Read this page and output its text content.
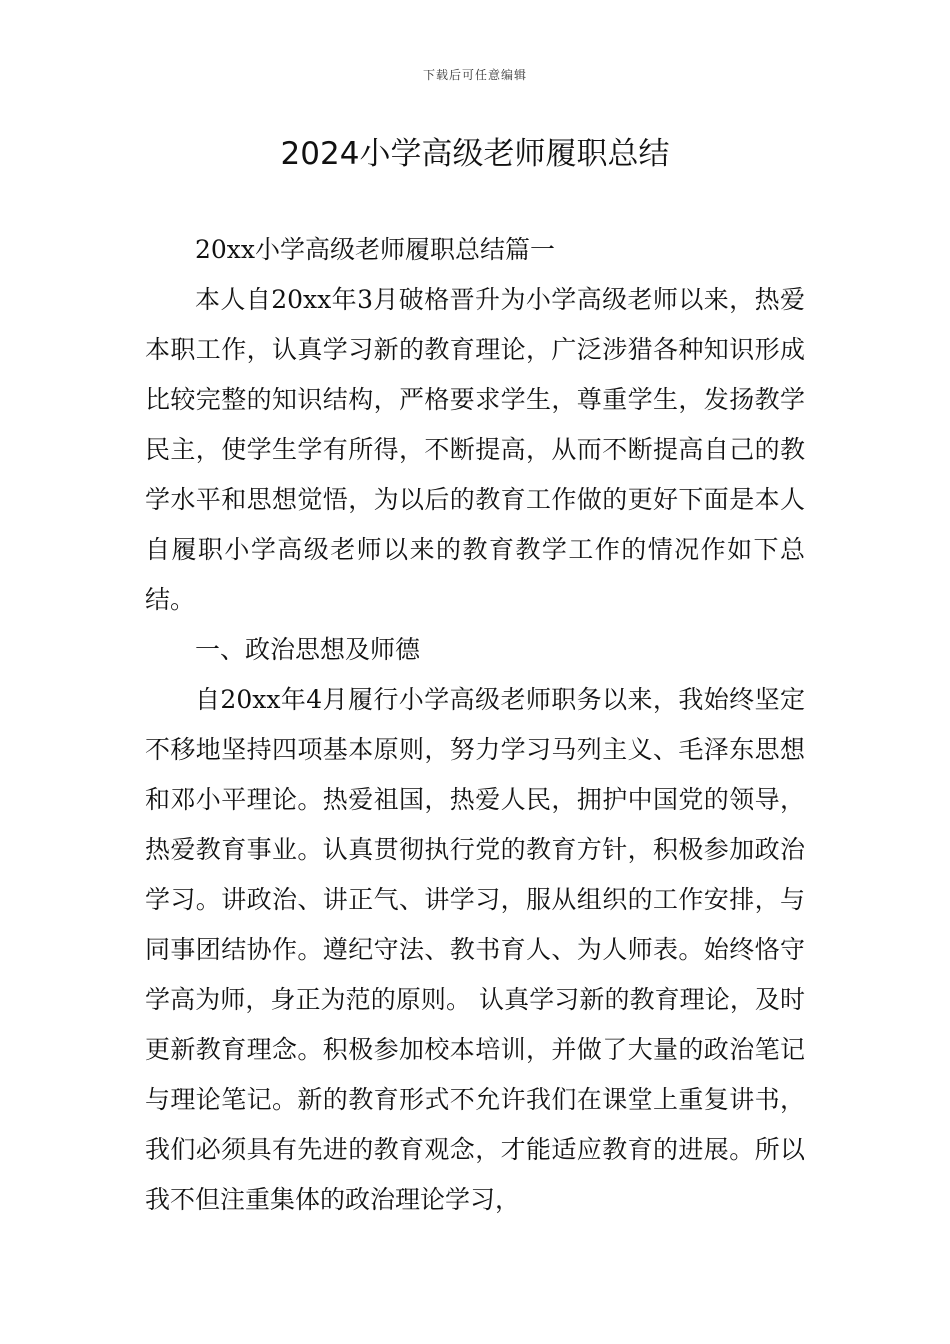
下载后可任意编辑
2024小学高级老师履职总结

20xx小学高级老师履职总结篇一

本人自20xx年3月破格晋升为小学高级老师以来，热爱本职工作，认真学习新的教育理论，广泛涉猎各种知识形成比较完整的知识结构，严格要求学生，尊重学生，发扬教学民主，使学生学有所得，不断提高，从而不断提高自己的教学水平和思想觉悟，为以后的教育工作做的更好下面是本人自履职小学高级老师以来的教育教学工作的情况作如下总结。

一、政治思想及师德

自20xx年4月履行小学高级老师职务以来，我始终坚定不移地坚持四项基本原则，努力学习马列主义、毛泽东思想和邓小平理论。热爱祖国，热爱人民，拥护中国党的领导，热爱教育事业。认真贯彻执行党的教育方针，积极参加政治学习。讲政治、讲正气、讲学习，服从组织的工作安排，与同事团结协作。遵纪守法、教书育人、为人师表。始终恪守学高为师，身正为范的原则。 认真学习新的教育理论，及时更新教育理念。积极参加校本培训，并做了大量的政治笔记与理论笔记。新的教育形式不允许我们在课堂上重复讲书，我们必须具有先进的教育观念，才能适应教育的进展。所以我不但注重集体的政治理论学习，
